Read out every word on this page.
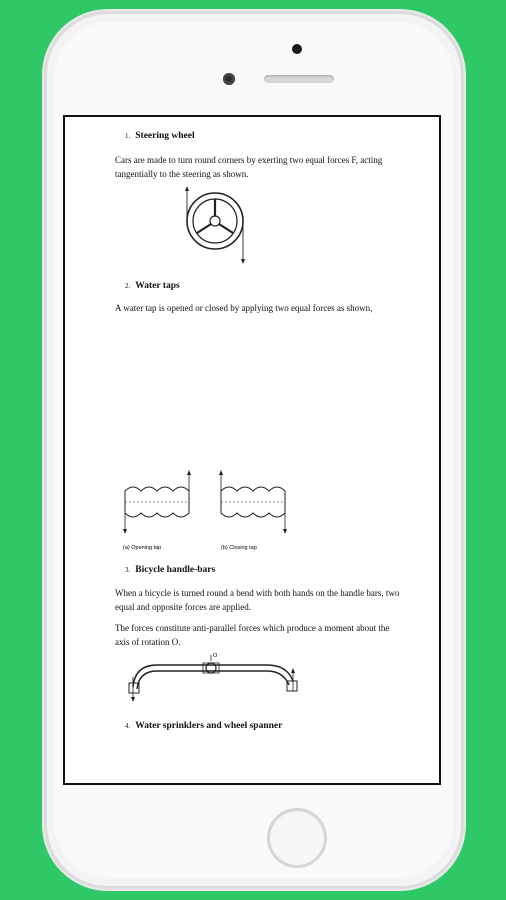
1. Steering wheel
Cars are made to turn round corners by exerting two equal forces F, acting tangentially to the steering as shown.
2. Water taps
A water tap is opened or closed by applying two equal forces as shown,
(a) Opening tap	(b) Closing tap
3. Bicycle handle-bars
When a bicycle is turned round a bend with both hands on the handle bars, two equal and opposite forces are applied.
The forces constitute anti-parallel forces which produce a moment about the axis of rotation O.
O
4. Water sprinklers and wheel spanner
